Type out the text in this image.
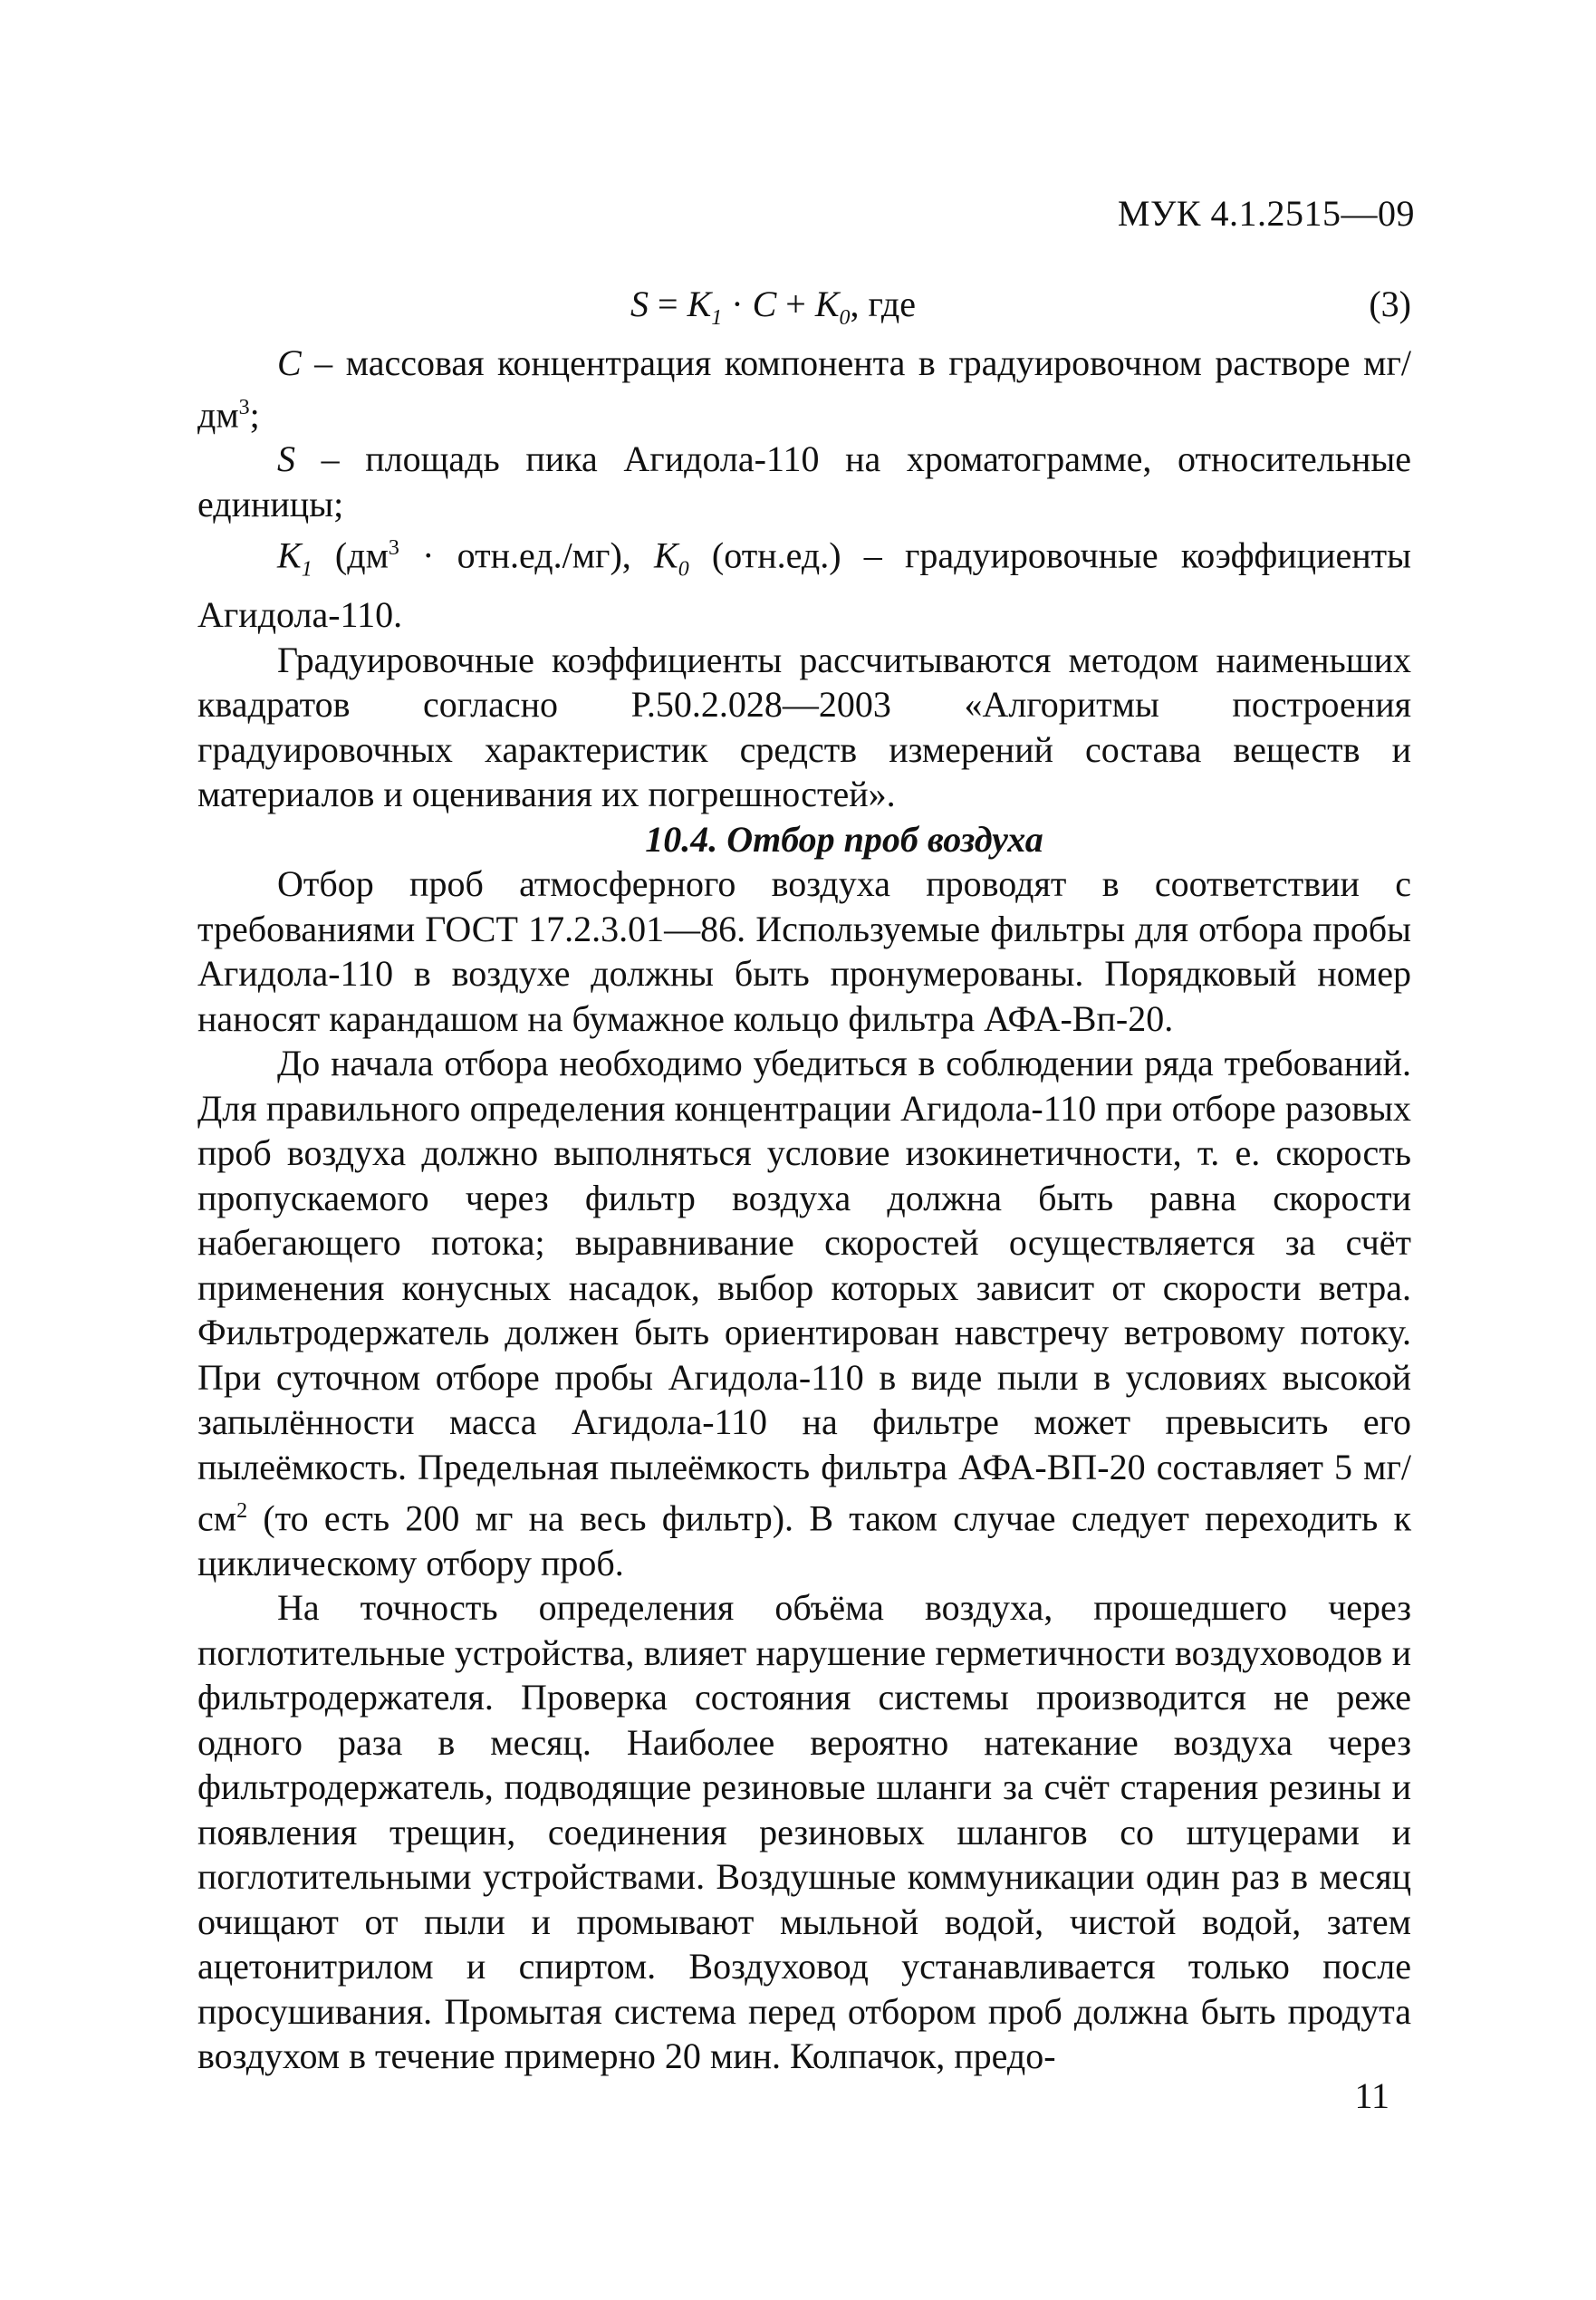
МУК 4.1.2515—09
$S = K_1 \cdot C + K_0$, где	(3)

C – массовая концентрация компонента в градуировочном растворе $мг/дм^3$;

S – площадь пика Агидола-110 на хроматограмме, относительные единицы;

$K_1$ $(дм^3 \cdot отн.ед./мг)$, $K_0$ (отн.ед.) – градуировочные коэффициенты Агидола-110.

Градуировочные коэффициенты рассчитываются методом наименьших квадратов согласно Р.50.2.028—2003 «Алгоритмы построения градуировочных характеристик средств измерений состава веществ и материалов и оценивания их погрешностей».

10.4. Отбор проб воздуха

Отбор проб атмосферного воздуха проводят в соответствии с требованиями ГОСТ 17.2.3.01—86. Используемые фильтры для отбора пробы Агидола-110 в воздухе должны быть пронумерованы. Порядковый номер наносят карандашом на бумажное кольцо фильтра АФА-Вп-20.

До начала отбора необходимо убедиться в соблюдении ряда требований. Для правильного определения концентрации Агидола-110 при отборе разовых проб воздуха должно выполняться условие изокинетичности, т. е. скорость пропускаемого через фильтр воздуха должна быть равна скорости набегающего потока; выравнивание скоростей осуществляется за счёт применения конусных насадок, выбор которых зависит от скорости ветра. Фильтродержатель должен быть ориентирован навстречу ветровому потоку. При суточном отборе пробы Агидола-110 в виде пыли в условиях высокой запылённости масса Агидола-110 на фильтре может превысить его пылеёмкость. Предельная пылеёмкость фильтра АФА-ВП-20 составляет 5 $мг/см^2$ (то есть 200 мг на весь фильтр). В таком случае следует переходить к циклическому отбору проб.

На точность определения объёма воздуха, прошедшего через поглотительные устройства, влияет нарушение герметичности воздуховодов и фильтродержателя. Проверка состояния системы производится не реже одного раза в месяц. Наиболее вероятно натекание воздуха через фильтродержатель, подводящие резиновые шланги за счёт старения резины и появления трещин, соединения резиновых шлангов со штуцерами и поглотительными устройствами. Воздушные коммуникации один раз в месяц очищают от пыли и промывают мыльной водой, чистой водой, затем ацетонитрилом и спиртом. Воздуховод устанавливается только после просушивания. Промытая система перед отбором проб должна быть продута воздухом в течение примерно 20 мин. Колпачок, предо-

11
